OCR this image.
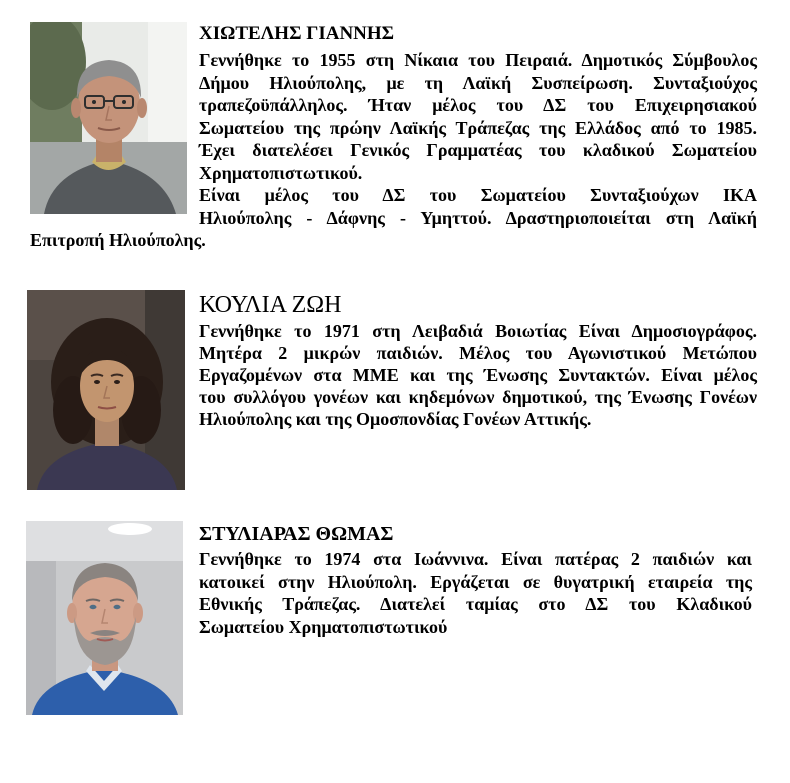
ΧΙΩΤΕΛΗΣ ΓΙΑΝΝΗΣ
Γεννήθηκε το 1955 στη Νίκαια του Πειραιά. Δημοτικός Σύμβουλος
Δήμου Ηλιούπολης, με τη Λαϊκή Συσπείρωση. Συνταξιούχος
τραπεζοϋπάλληλος. Ήταν μέλος του ΔΣ του Επιχειρησιακού
Σωματείου της πρώην Λαϊκής Τράπεζας της Ελλάδος από το 1985.
Έχει διατελέσει Γενικός Γραμματέας του κλαδικού Σωματείου
Χρηματοπιστωτικού.
Είναι μέλος του ΔΣ του Σωματείου Συνταξιούχων ΙΚΑ
Ηλιούπολης - Δάφνης - Υμηττού. Δραστηριοποιείται στη Λαϊκή
Επιτροπή Ηλιούπολης.
ΚΟΥΛΙΑ ΖΩΗ
Γεννήθηκε το 1971 στη Λειβαδιά Βοιωτίας Είναι Δημοσιογράφος.
Μητέρα 2 μικρών παιδιών. Μέλος του Αγωνιστικού Μετώπου
Εργαζομένων στα ΜΜΕ και της Ένωσης Συντακτών. Είναι μέλος
του συλλόγου γονέων και κηδεμόνων δημοτικού, της Ένωσης Γονέων
Ηλιούπολης και της Ομοσπονδίας Γονέων Αττικής.
ΣΤΥΛΙΑΡΑΣ ΘΩΜΑΣ
Γεννήθηκε το 1974 στα Ιωάννινα. Είναι πατέρας 2 παιδιών και
κατοικεί στην Ηλιούπολη. Εργάζεται σε θυγατρική εταιρεία της
Εθνικής Τράπεζας. Διατελεί ταμίας στο ΔΣ του Κλαδικού
Σωματείου Χρηματοπιστωτικού
